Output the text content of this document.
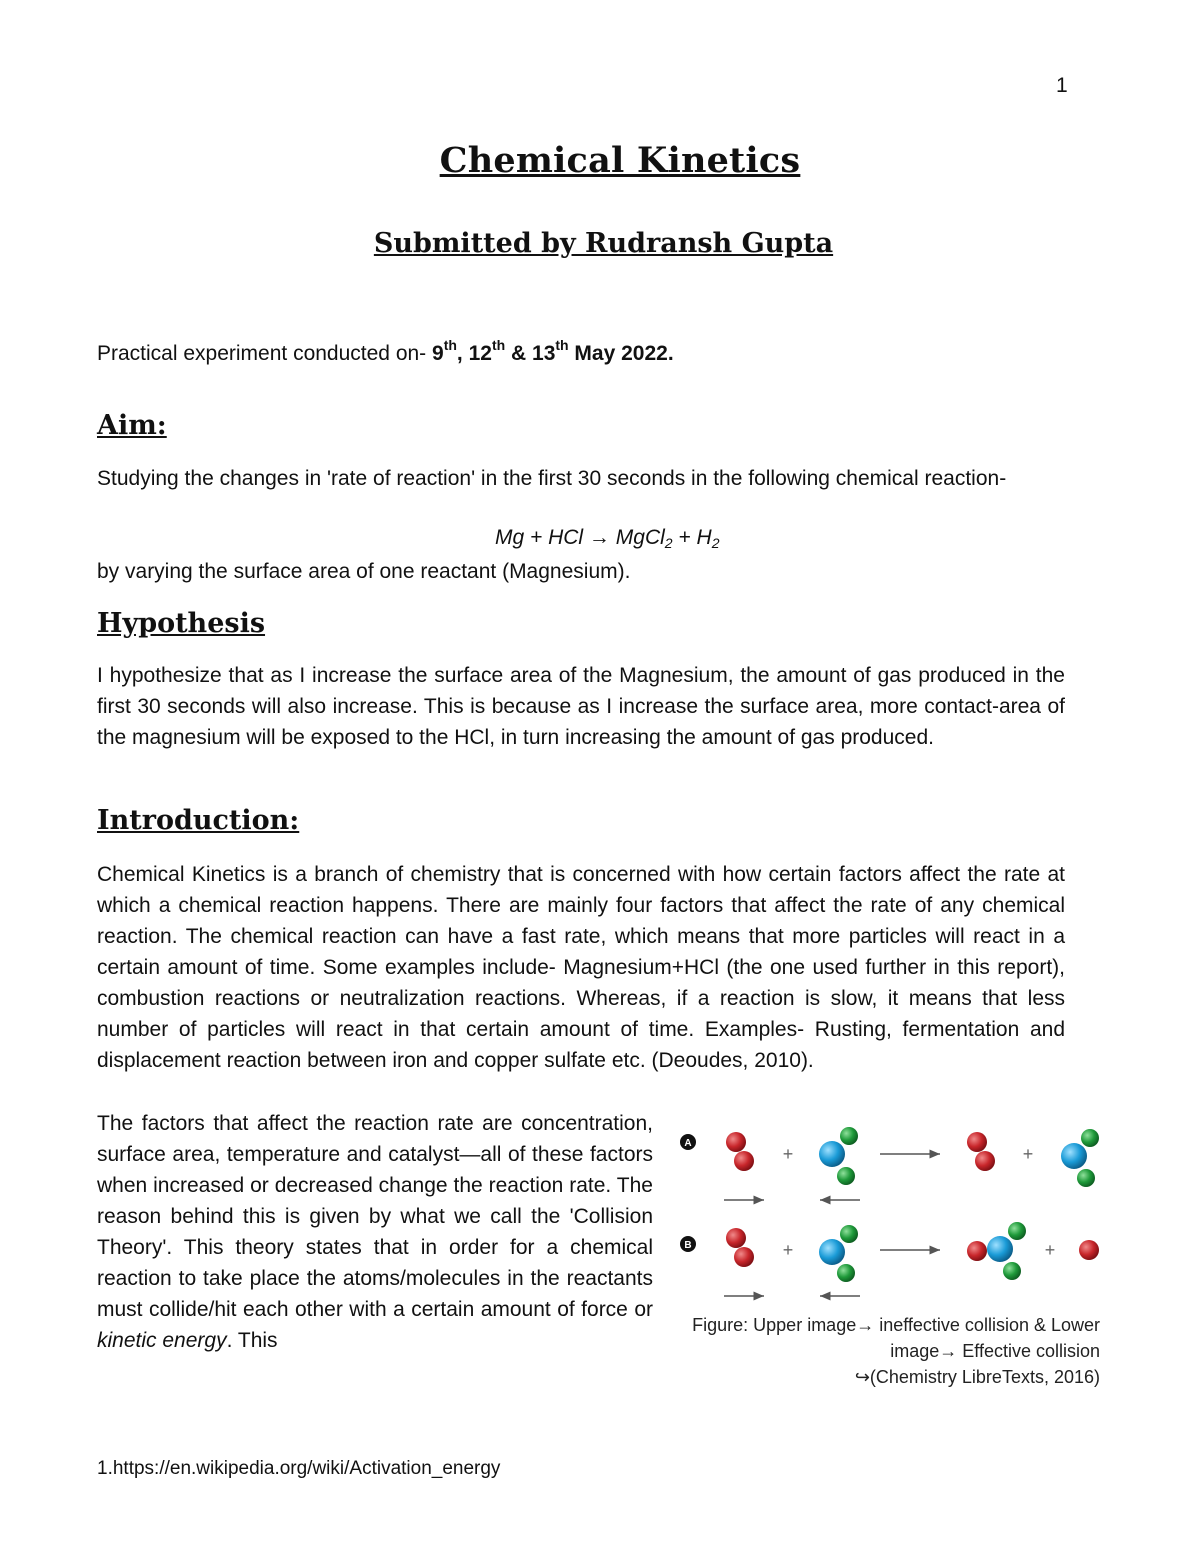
1
Chemical Kinetics
Submitted by Rudransh Gupta
Practical experiment conducted on- 9th, 12th & 13th May 2022.
Aim:

Studying the changes in 'rate of reaction' in the first 30 seconds in the following chemical reaction-

Mg + HCl → MgCl$_2$ + $H_2$

by varying the surface area of one reactant (Magnesium).

Hypothesis

I hypothesize that as I increase the surface area of the Magnesium, the amount of gas produced in the first 30 seconds will also increase. This is because as I increase the surface area, more contact-area of the magnesium will be exposed to the HCl, in turn increasing the amount of gas produced.

Introduction:

Chemical Kinetics is a branch of chemistry that is concerned with how certain factors affect the rate at which a chemical reaction happens. There are mainly four factors that affect the rate of any chemical reaction. The chemical reaction can have a fast rate, which means that more particles will react in a certain amount of time. Some examples include- Magnesium+HCl (the one used further in this report), combustion reactions or neutralization reactions. Whereas, if a reaction is slow, it means that less number of particles will react in that certain amount of time. Examples- Rusting, fermentation and displacement reaction between iron and copper sulfate etc. (Deoudes, 2010).

The factors that affect the reaction rate are concentration, surface area, temperature and catalyst—all of these factors when increased or decreased change the reaction rate. The reason behind this is given by what we call the 'Collision Theory'. This theory states that in order for a chemical reaction to take place the atoms/molecules in the reactants must collide/hit each other with a certain amount of force or kinetic energy. This

A
+	+
B	+	+
Figure: Upper image→ ineffective collision & Lower
image→ Effective collision
↪(Chemistry LibreTexts, 2016)
1.https://en.wikipedia.org/wiki/Activation_energy
